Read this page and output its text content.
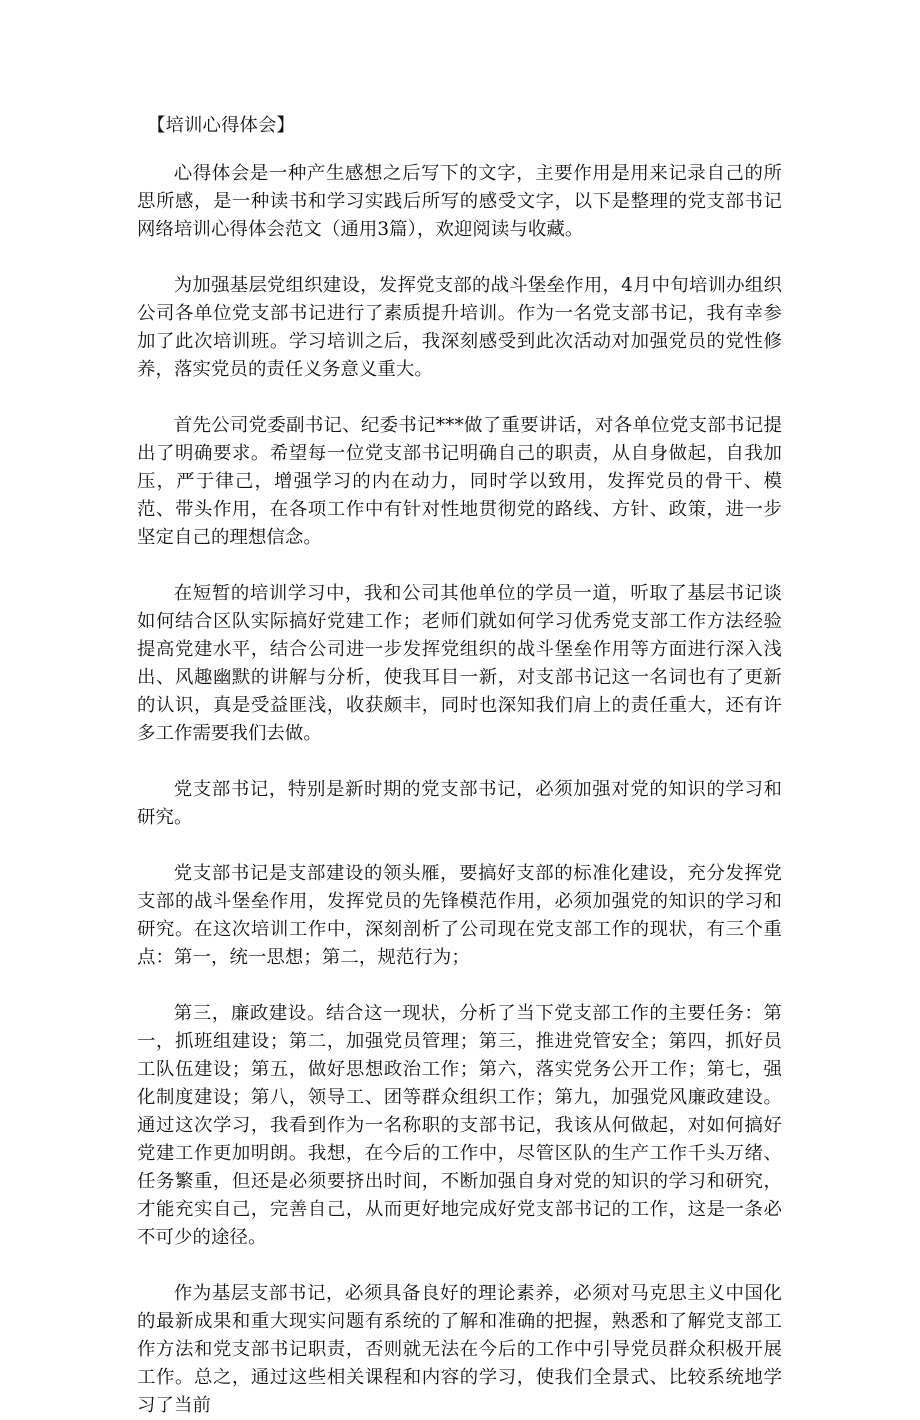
【培训心得体会】

心得体会是一种产生感想之后写下的文字，主要作用是用来记录自己的所思所感，是一种读书和学习实践后所写的感受文字，以下是整理的党支部书记网络培训心得体会范文（通用3篇），欢迎阅读与收藏。

为加强基层党组织建设，发挥党支部的战斗堡垒作用，4月中旬培训办组织公司各单位党支部书记进行了素质提升培训。作为一名党支部书记，我有幸参加了此次培训班。学习培训之后，我深刻感受到此次活动对加强党员的党性修养，落实党员的责任义务意义重大。

首先公司党委副书记、纪委书记***做了重要讲话，对各单位党支部书记提出了明确要求。希望每一位党支部书记明确自己的职责，从自身做起，自我加压，严于律己，增强学习的内在动力，同时学以致用，发挥党员的骨干、模范、带头作用，在各项工作中有针对性地贯彻党的路线、方针、政策，进一步坚定自己的理想信念。

在短暂的培训学习中，我和公司其他单位的学员一道，听取了基层书记谈如何结合区队实际搞好党建工作；老师们就如何学习优秀党支部工作方法经验提高党建水平，结合公司进一步发挥党组织的战斗堡垒作用等方面进行深入浅出、风趣幽默的讲解与分析，使我耳目一新，对支部书记这一名词也有了更新的认识，真是受益匪浅，收获颇丰，同时也深知我们肩上的责任重大，还有许多工作需要我们去做。

党支部书记，特别是新时期的党支部书记，必须加强对党的知识的学习和研究。

党支部书记是支部建设的领头雁，要搞好支部的标准化建设，充分发挥党支部的战斗堡垒作用，发挥党员的先锋模范作用，必须加强党的知识的学习和研究。在这次培训工作中，深刻剖析了公司现在党支部工作的现状，有三个重点：第一，统一思想；第二，规范行为；

第三，廉政建设。结合这一现状，分析了当下党支部工作的主要任务：第一，抓班组建设；第二，加强党员管理；第三，推进党管安全；第四，抓好员工队伍建设；第五，做好思想政治工作；第六，落实党务公开工作；第七，强化制度建设；第八，领导工、团等群众组织工作；第九，加强党风廉政建设。通过这次学习，我看到作为一名称职的支部书记，我该从何做起，对如何搞好党建工作更加明朗。我想，在今后的工作中，尽管区队的生产工作千头万绪、任务繁重，但还是必须要挤出时间，不断加强自身对党的知识的学习和研究，才能充实自己，完善自己，从而更好地完成好党支部书记的工作，这是一条必不可少的途径。

作为基层支部书记，必须具备良好的理论素养，必须对马克思主义中国化的最新成果和重大现实问题有系统的了解和准确的把握，熟悉和了解党支部工作方法和党支部书记职责，否则就无法在今后的工作中引导党员群众积极开展工作。总之，通过这些相关课程和内容的学习，使我们全景式、比较系统地学习了当前
